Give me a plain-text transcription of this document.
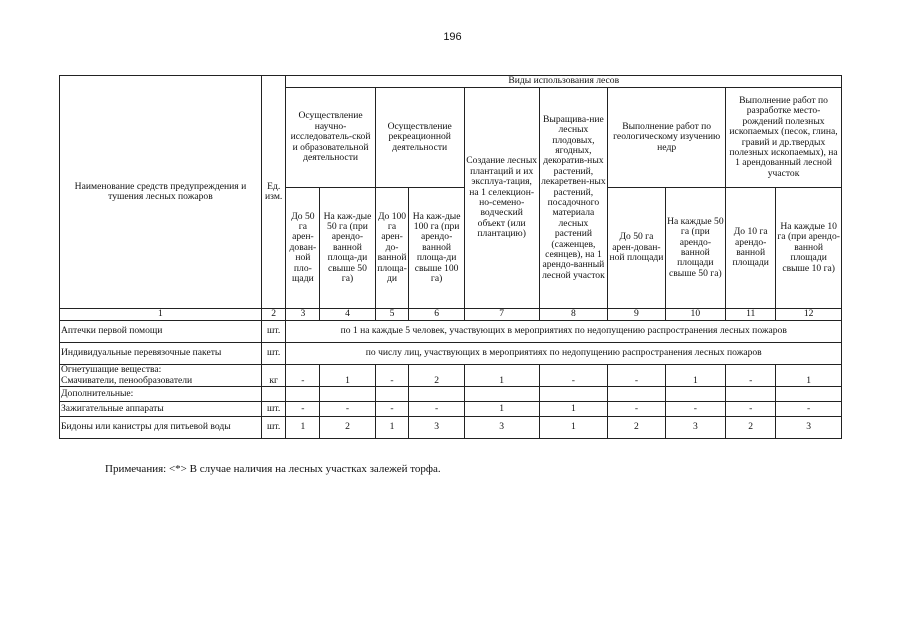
196
Наименование средств предупреждения и тушения лесных пожаров	Ед. изм.	Виды использования лесов									
		Осуществление научно-исследователь-ской и образовательной деятельности		Осуществление рекреационной деятельности		Создание лесных плантаций и их эксплуа-тация, на 1 селекцион-но-семено-водческий объект (или плантацию)	Выращива-ние лесных плодовых, ягодных, декоратив-ных растений, лекаретвен-ных растений, посадочного материала лесных растений (саженцев, сеянцев), на 1 арендо-ванный лесной участок	Выполнение работ по геологическому изучению недр		Выполнение работ по разработке место-рождений полезных ископаемых (песок, глина, гравий и др.твердых полезных ископаемых), на 1 арендованный лесной участок	
		До 50 га арен-дован-ной пло-щади	На каж-дые 50 га (при арендо-ванной площа-ди свыше 50 га)	До 100 га арен-до-ванной площа-ди	На каж-дые 100 га (при арендо-ванной площа-ди свыше 100 га)			До 50 га арен-дован-ной площади	На каждые 50 га (при арендо-ванной площади свыше 50 га)	До 10 га арендо-ванной площади	На каждые 10 га (при арендо-ванной площади свыше 10 га)
1	2	3	4	5	6	7	8	9	10	11	12
Аптечки первой помощи	шт.	по 1 на каждые 5 человек, участвующих в мероприятиях по недопущению распространения лесных пожаров									
Индивидуальные перевязочные пакеты	шт.	по числу лиц, участвующих в мероприятиях по недопущению распространения лесных пожаров									

Огнетушащие вещества:
Смачиватели, пенообразователи	кг	-	1	-	2	1	-	-	1	-	1
Дополнительные:											
Зажигательные аппараты	шт.	-	-	-	-	1	1	-	-	-	-
Бидоны или канистры для питьевой воды	шт.	1	2	1	3	3	1	2	3	2	3
Примечания: <*> В случае наличия на лесных участках залежей торфа.
